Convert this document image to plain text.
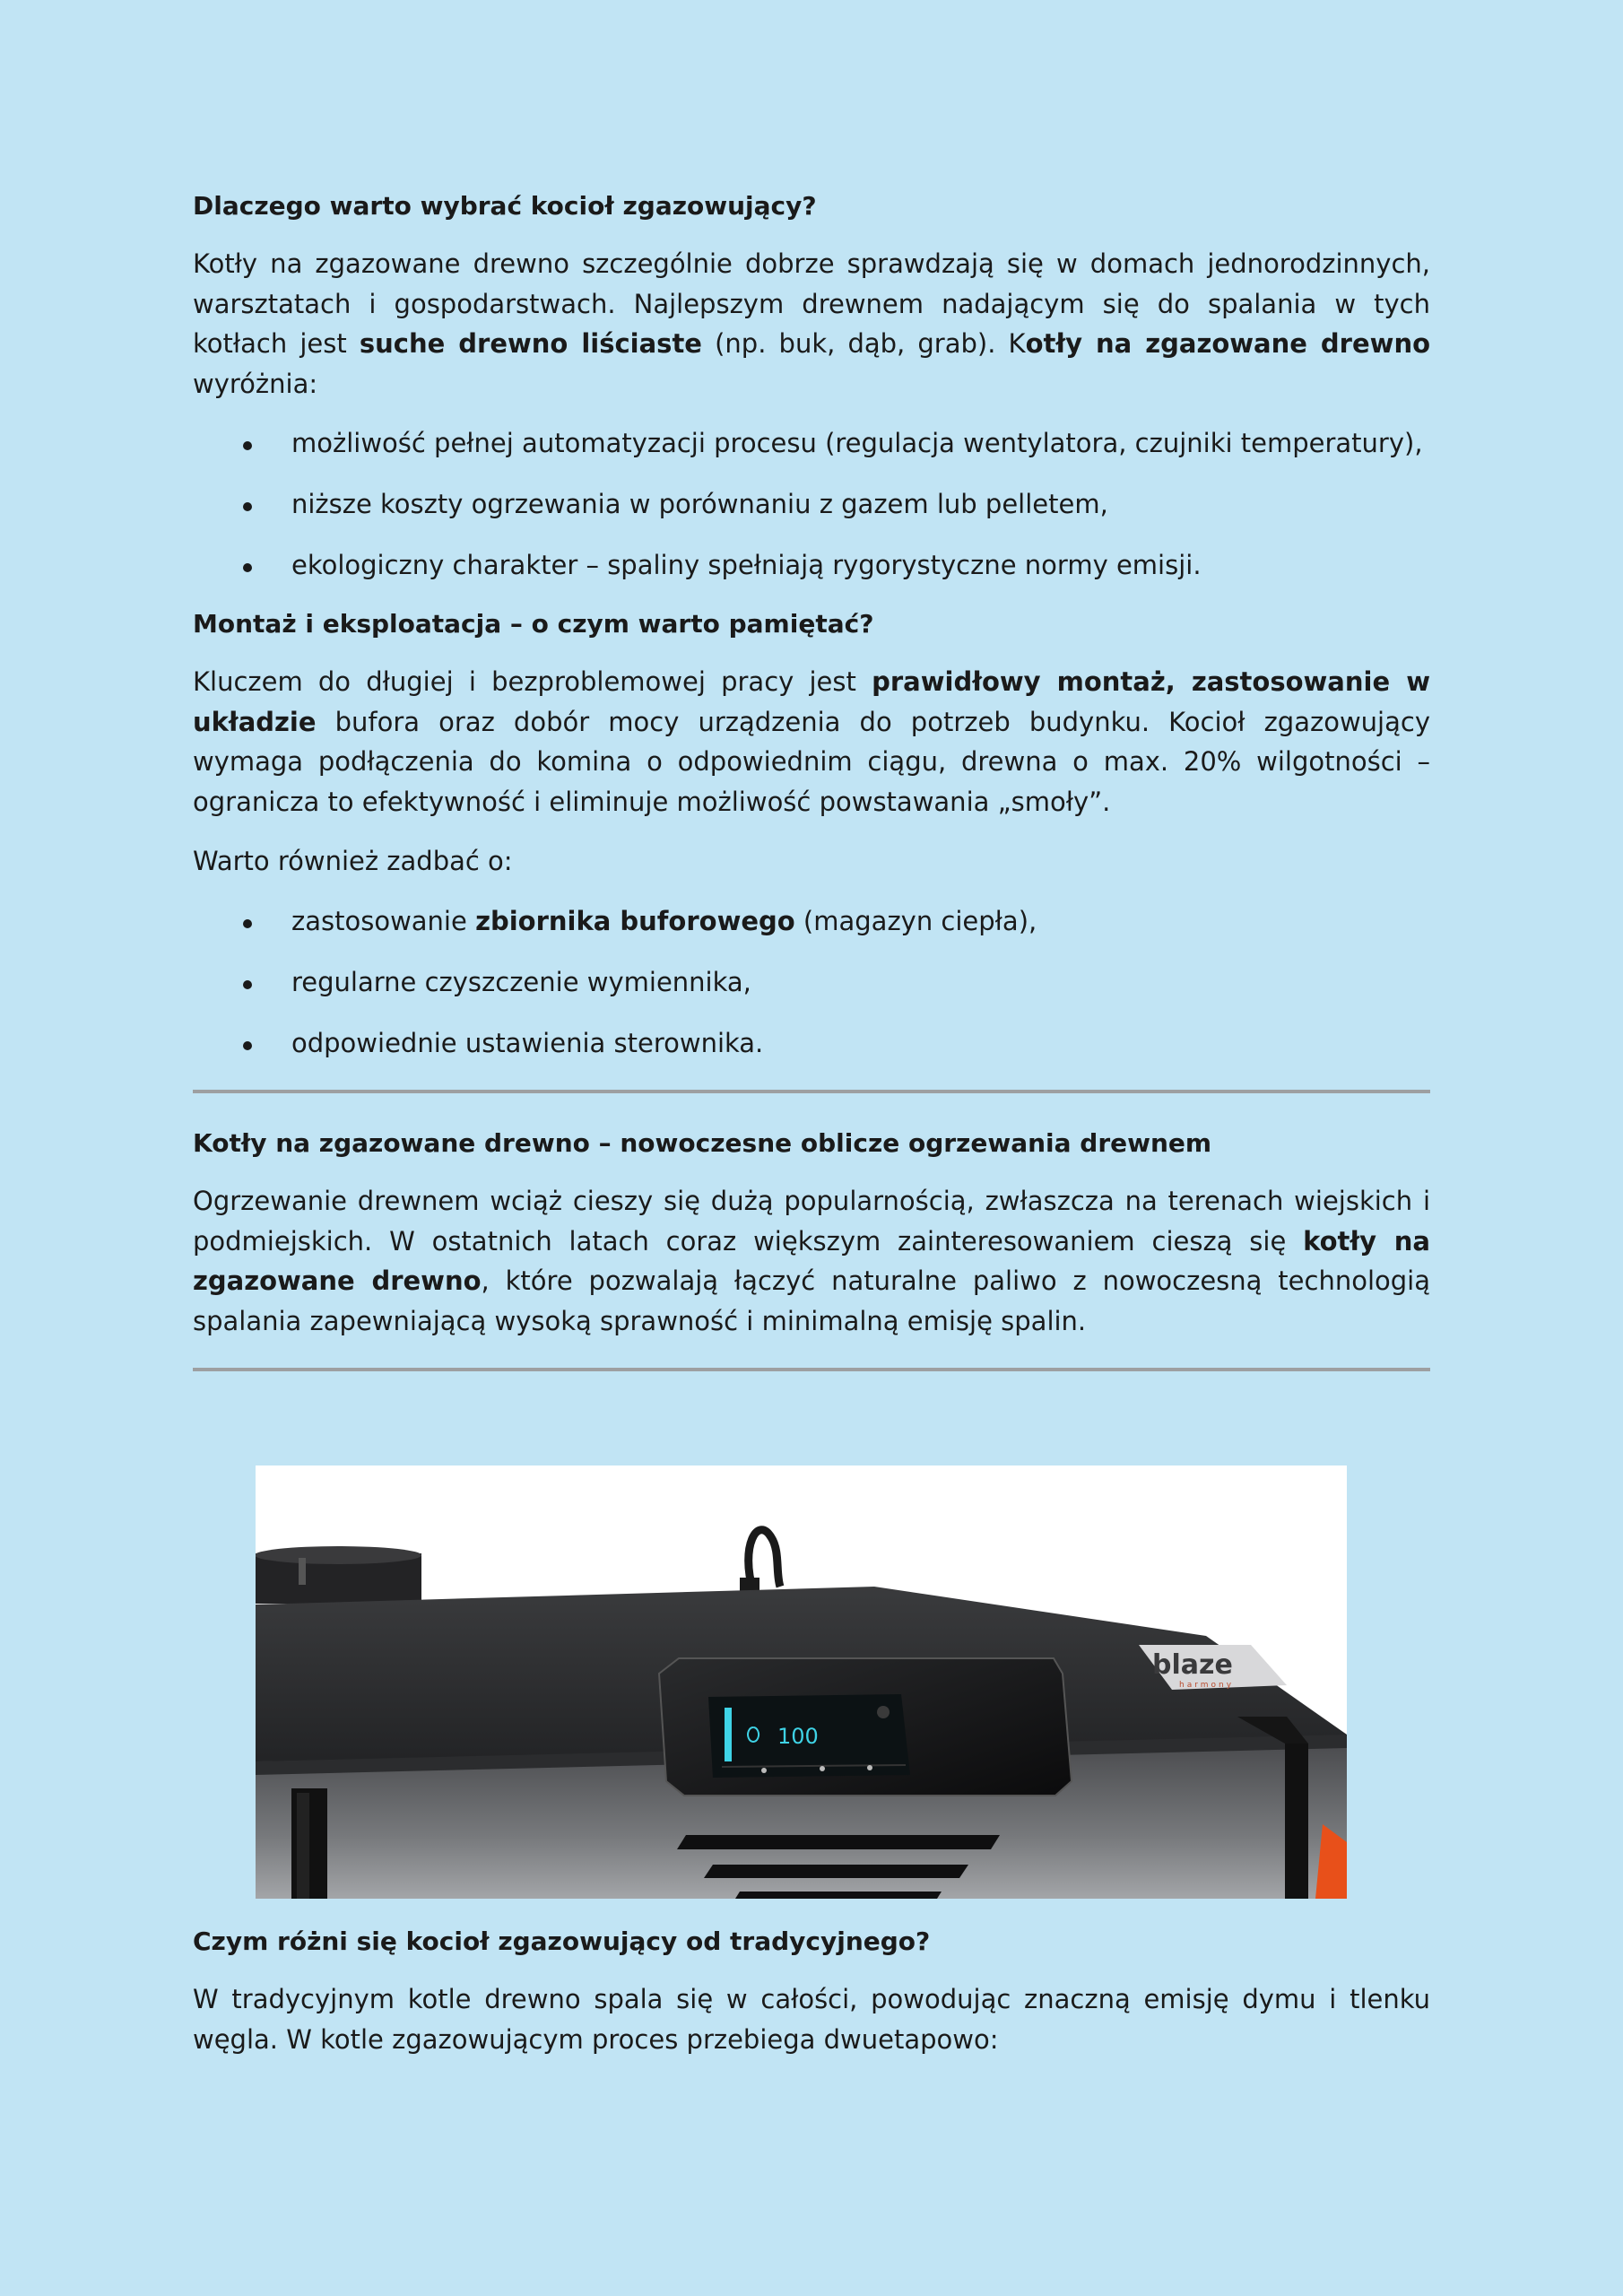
Dlaczego warto wybrać kocioł zgazowujący?

Kotły na zgazowane drewno szczególnie dobrze sprawdzają się w domach jednorodzinnych, warsztatach i gospodarstwach. Najlepszym drewnem nadającym się do spalania w tych kotłach jest suche drewno liściaste (np. buk, dąb, grab). Kotły na zgazowane drewno wyróżnia:

możliwość pełnej automatyzacji procesu (regulacja wentylatora, czujniki temperatury),
niższe koszty ogrzewania w porównaniu z gazem lub pelletem,
ekologiczny charakter – spaliny spełniają rygorystyczne normy emisji.
Montaż i eksploatacja – o czym warto pamiętać?

Kluczem do długiej i bezproblemowej pracy jest prawidłowy montaż, zastosowanie w układzie bufora oraz dobór mocy urządzenia do potrzeb budynku. Kocioł zgazowujący wymaga podłączenia do komina o odpowiednim ciągu, drewna o max. 20% wilgotności – ogranicza to efektywność i eliminuje możliwość powstawania „smoły”.

Warto również zadbać o:

zastosowanie zbiornika buforowego (magazyn ciepła),
regularne czyszczenie wymiennika,
odpowiednie ustawienia sterownika.
Kotły na zgazowane drewno – nowoczesne oblicze ogrzewania drewnem

Ogrzewanie drewnem wciąż cieszy się dużą popularnością, zwłaszcza na terenach wiejskich i podmiejskich. W ostatnich latach coraz większym zainteresowaniem cieszą się kotły na zgazowane drewno, które pozwalają łączyć naturalne paliwo z nowoczesną technologią spalania zapewniającą wysoką sprawność i minimalną emisję spalin.

100
blaze
harmony
Czym różni się kocioł zgazowujący od tradycyjnego?

W tradycyjnym kotle drewno spala się w całości, powodując znaczną emisję dymu i tlenku węgla. W kotle zgazowującym proces przebiega dwuetapowo:
